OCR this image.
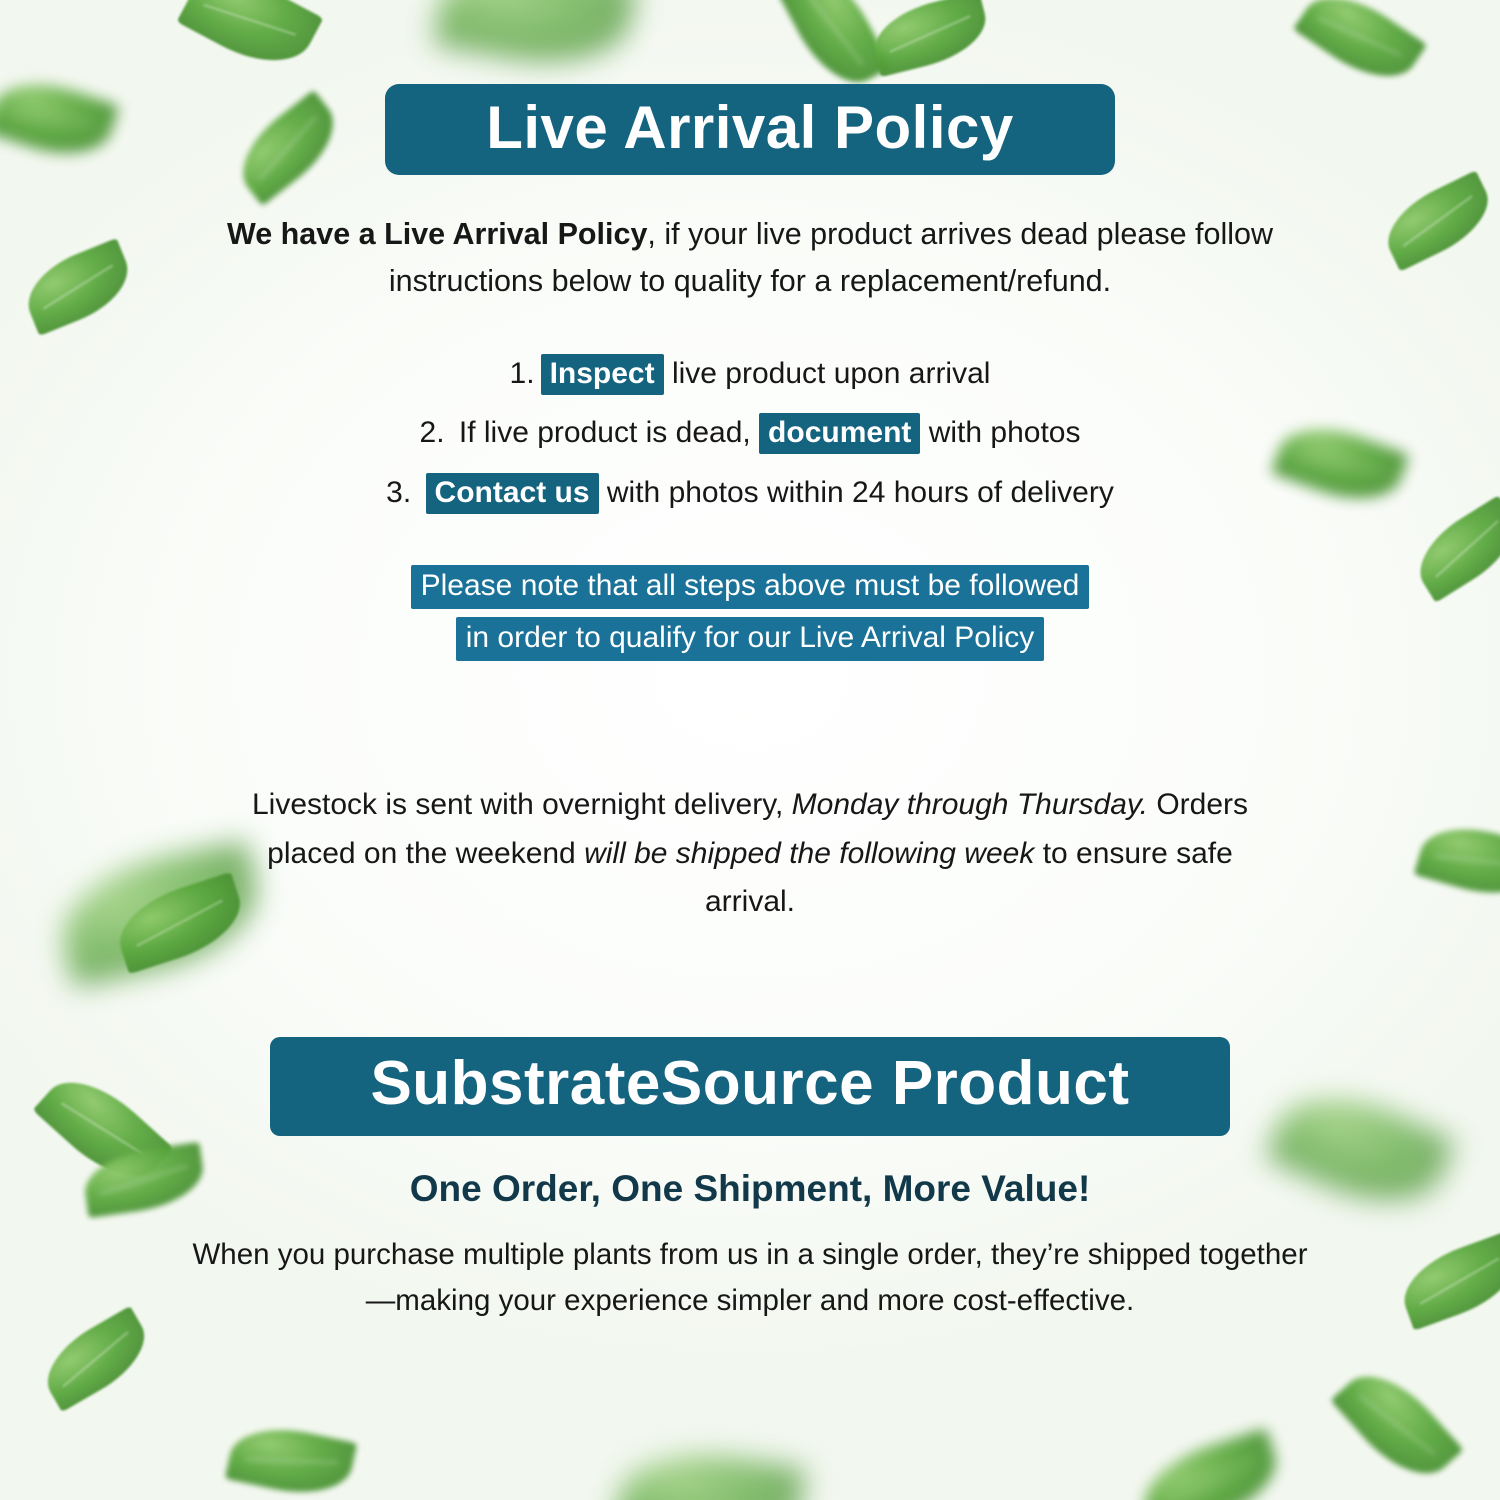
Live Arrival Policy

We have a Live Arrival Policy, if your live product arrives dead please follow instructions below to quality for a replacement/refund.

1. Inspect live product upon arrival
2. If live product is dead, document with photos
3. Contact us with photos within 24 hours of delivery
Please note that all steps above must be followed
in order to qualify for our Live Arrival Policy

Livestock is sent with overnight delivery, Monday through Thursday. Orders placed on the weekend will be shipped the following week to ensure safe arrival.

SubstrateSource Product
One Order, One Shipment, More Value!

When you purchase multiple plants from us in a single order, they’re shipped together—making your experience simpler and more cost-effective.
